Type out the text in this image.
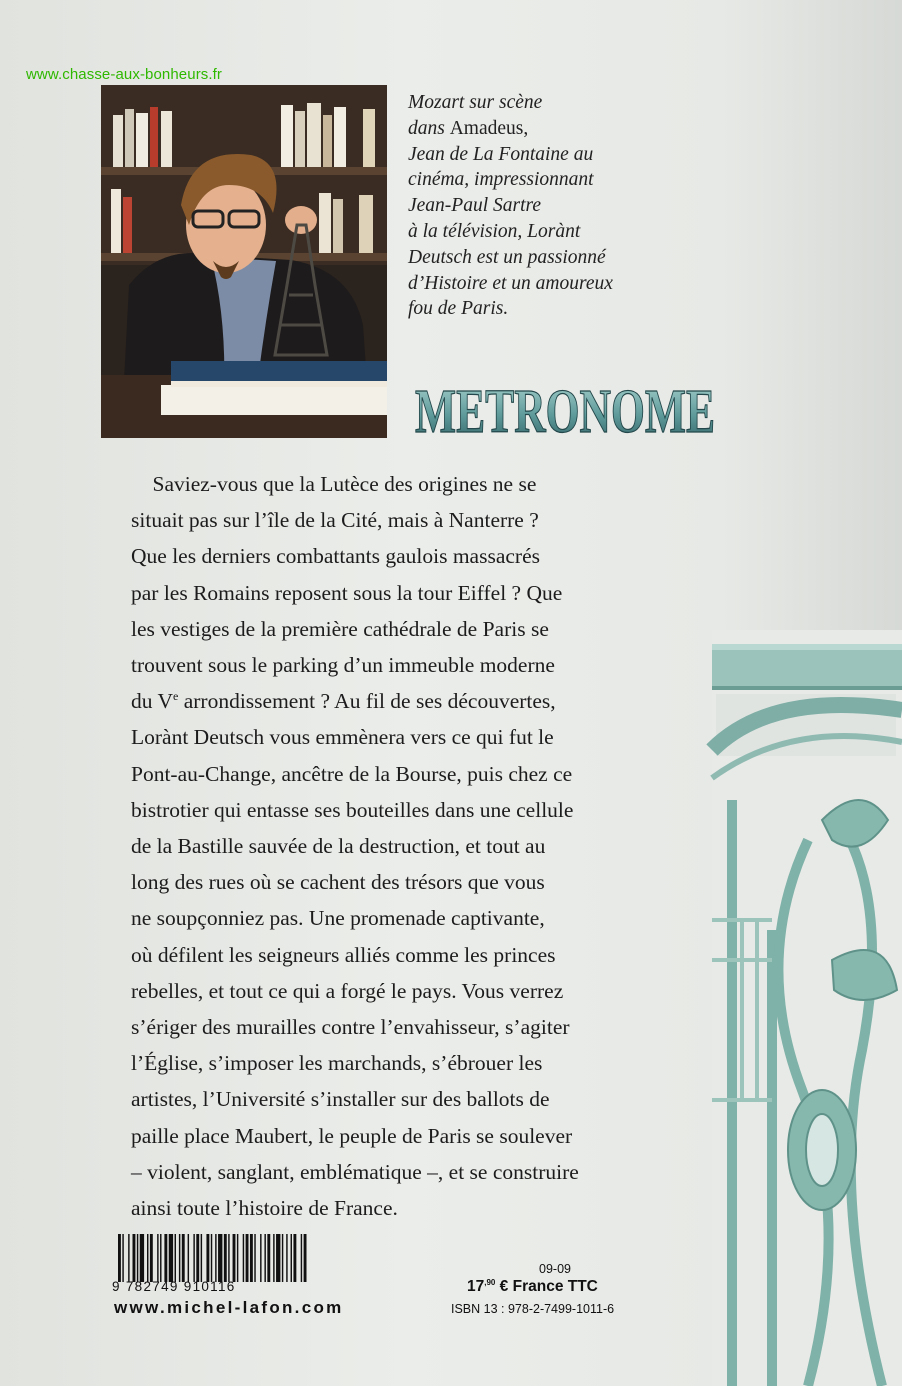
www.chasse-aux-bonheurs.fr
Mozart sur scène
dans Amadeus,
Jean de La Fontaine au
cinéma, impressionnant
Jean-Paul Sartre
à la télévision, Lorànt
Deutsch est un passionné
d’Histoire et un amoureux
fou de Paris.
METRONOME

 Saviez-vous que la Lutèce des origines ne se

situait pas sur l’île de la Cité, mais à Nanterre ?

Que les derniers combattants gaulois massacrés

par les Romains reposent sous la tour Eiffel ? Que

les vestiges de la première cathédrale de Paris se

trouvent sous le parking d’un immeuble moderne

du Ve arrondissement ? Au fil de ses découvertes,

Lorànt Deutsch vous emmènera vers ce qui fut le

Pont-au-Change, ancêtre de la Bourse, puis chez ce

bistrotier qui entasse ses bouteilles dans une cellule

de la Bastille sauvée de la destruction, et tout au

long des rues où se cachent des trésors que vous

ne soupçonniez pas. Une promenade captivante,

où défilent les seigneurs alliés comme les princes

rebelles, et tout ce qui a forgé le pays. Vous verrez

s’ériger des murailles contre l’envahisseur, s’agiter

l’Église, s’imposer les marchands, s’ébrouer les

artistes, l’Université s’installer sur des ballots de

paille place Maubert, le peuple de Paris se soulever

– violent, sanglant, emblématique –, et se construire

ainsi toute l’histoire de France.

9 782749 910116
www.michel-lafon.com
09-09
$17^{,90}$ € France TTC
ISBN 13 : 978-2-7499-1011-6
